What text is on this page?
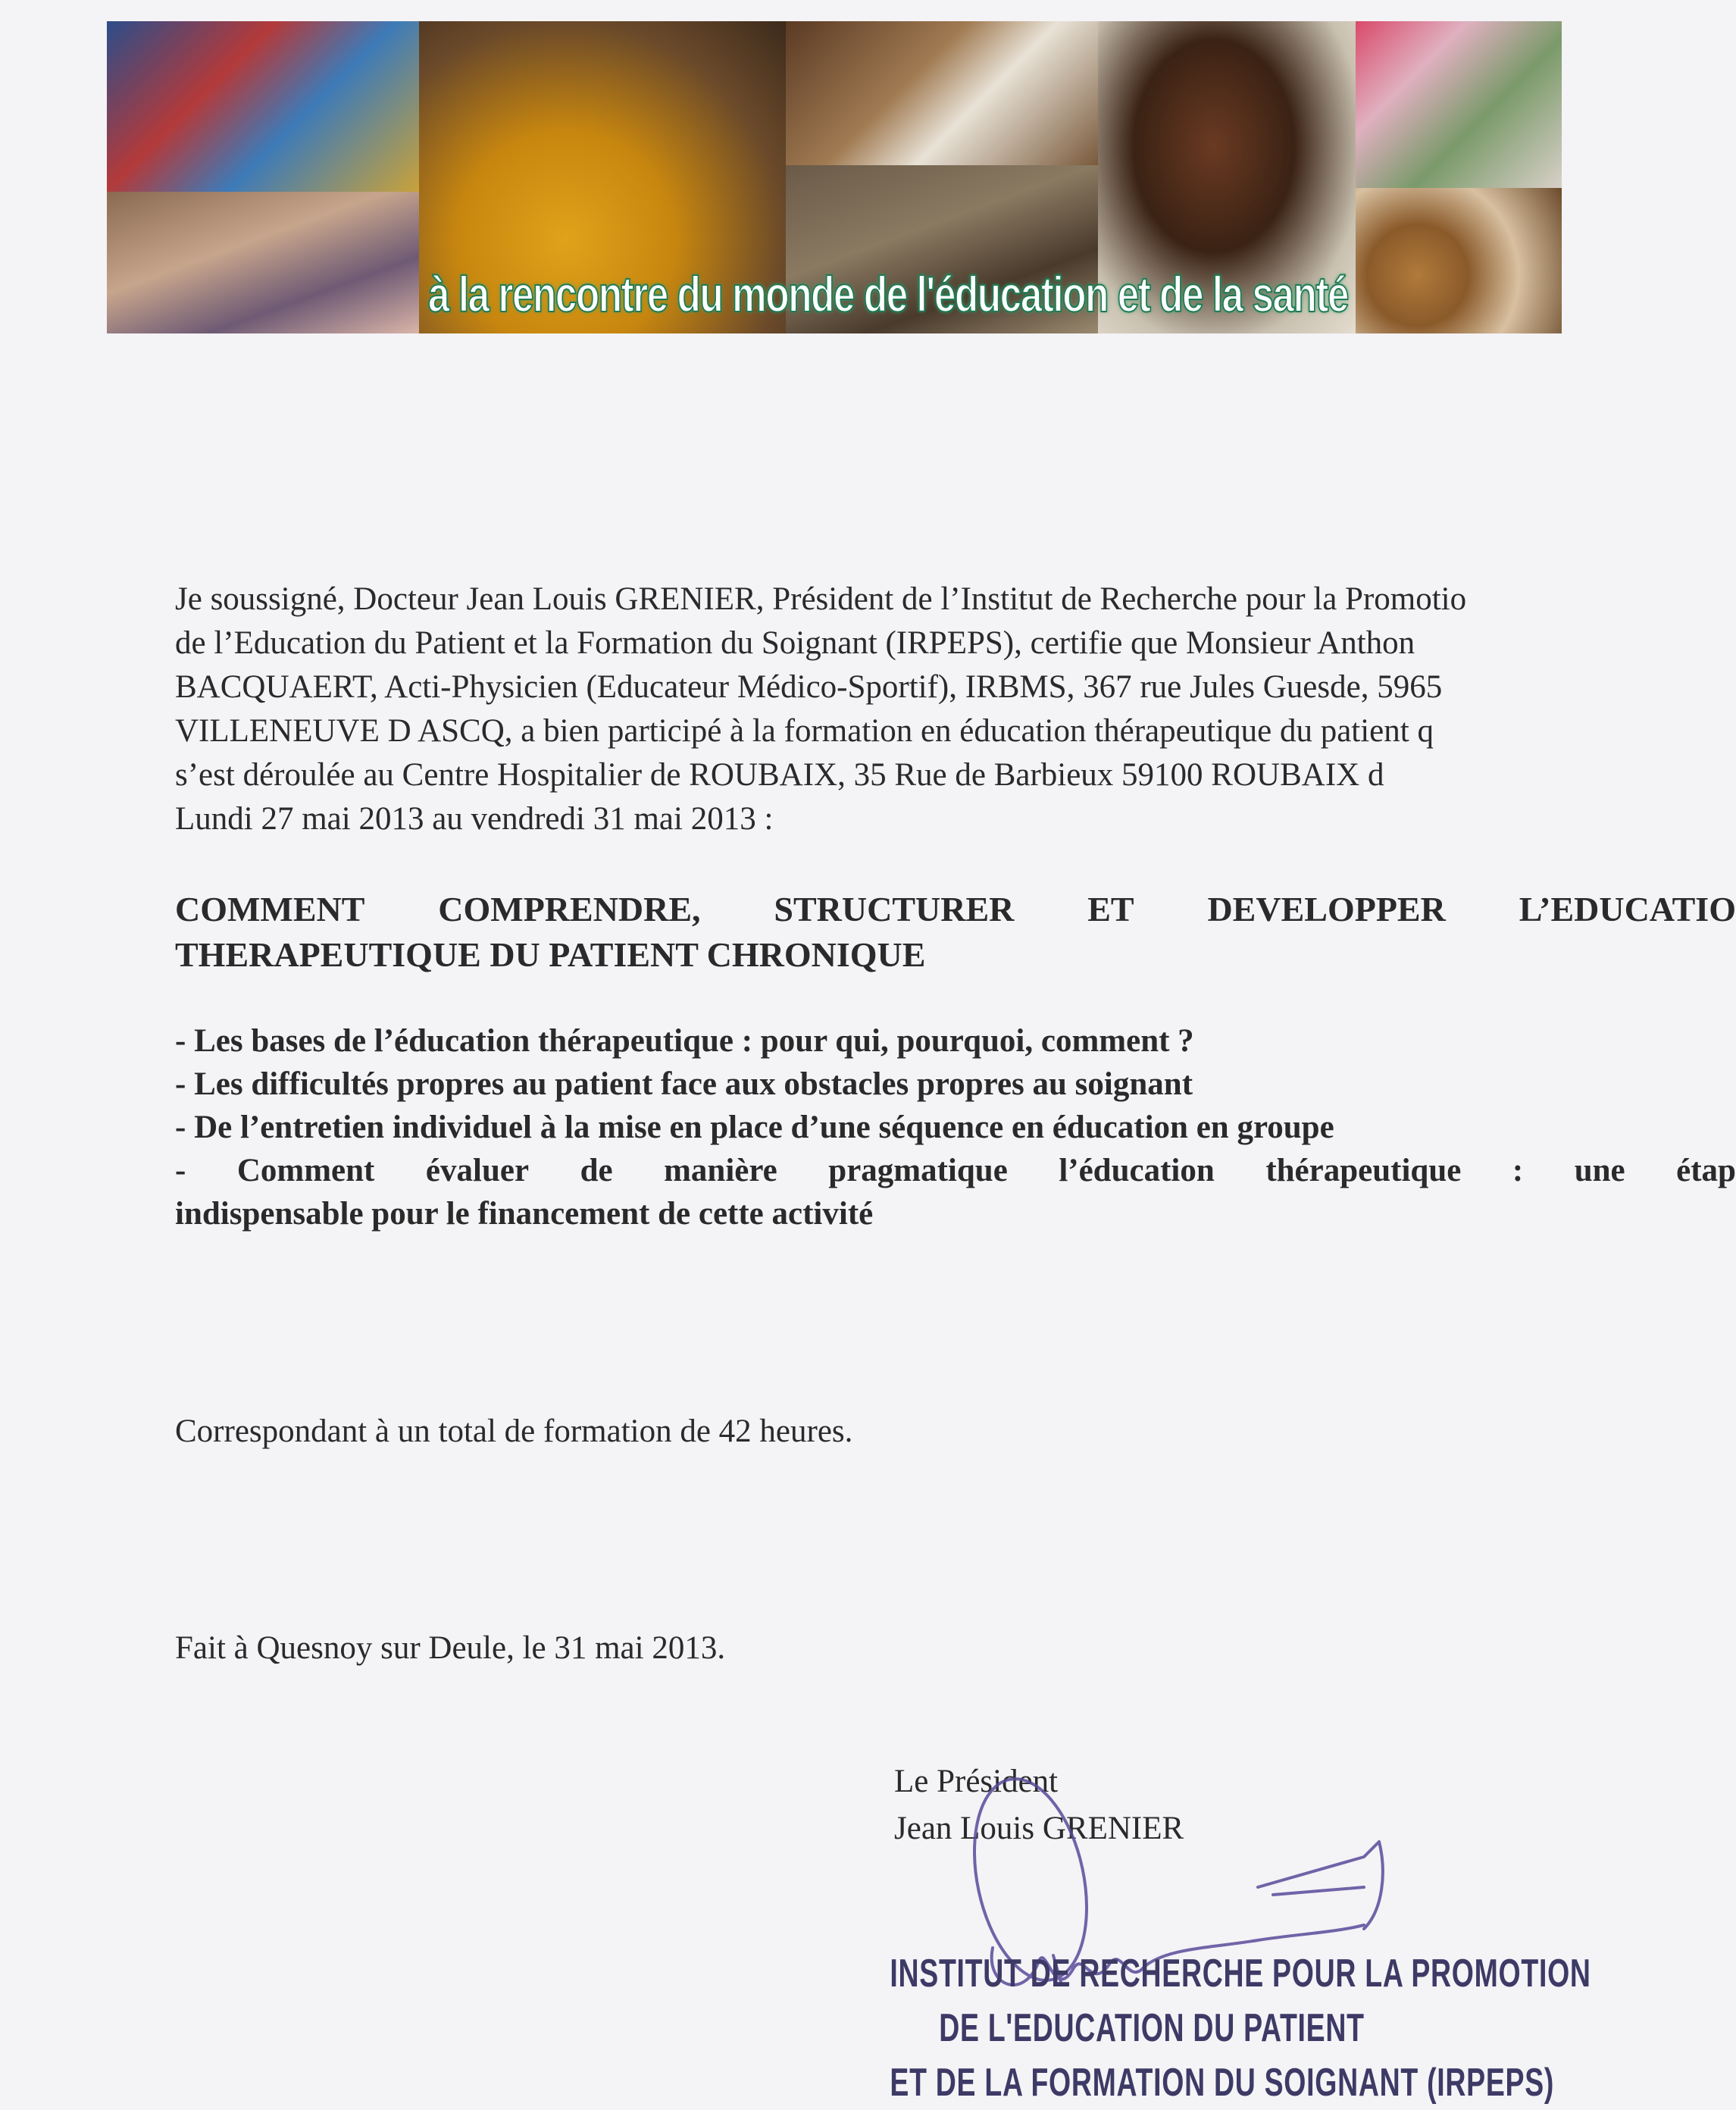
à la rencontre du monde de l'éducation et de la santé
Je soussigné, Docteur Jean Louis GRENIER, Président de l’Institut de Recherche pour la Promotio
de l’Education du Patient et la Formation du Soignant (IRPEPS), certifie que Monsieur Anthon
BACQUAERT, Acti-Physicien (Educateur Médico-Sportif), IRBMS, 367 rue Jules Guesde, 5965
VILLENEUVE D ASCQ, a bien participé à la formation en éducation thérapeutique du patient q
s’est déroulée au Centre Hospitalier de ROUBAIX, 35 Rue de Barbieux 59100 ROUBAIX d
Lundi 27 mai 2013 au vendredi 31 mai 2013 :
COMMENT COMPRENDRE, STRUCTURER ET DEVELOPPER L’EDUCATIO
THERAPEUTIQUE DU PATIENT CHRONIQUE
- Les bases de l’éducation thérapeutique : pour qui, pourquoi, comment ?
- Les difficultés propres au patient face aux obstacles propres au soignant
- De l’entretien individuel à la mise en place d’une séquence en éducation en groupe
- Comment évaluer de manière pragmatique l’éducation thérapeutique : une étap
indispensable pour le financement de cette activité
Correspondant à un total de formation de 42 heures.
Fait à Quesnoy sur Deule, le 31 mai 2013.
Le Président
Jean Louis GRENIER
INSTITUT DE RECHERCHE POUR LA PROMOTION
DE L'EDUCATION DU PATIENT
ET DE LA FORMATION DU SOIGNANT (IRPEPS)
